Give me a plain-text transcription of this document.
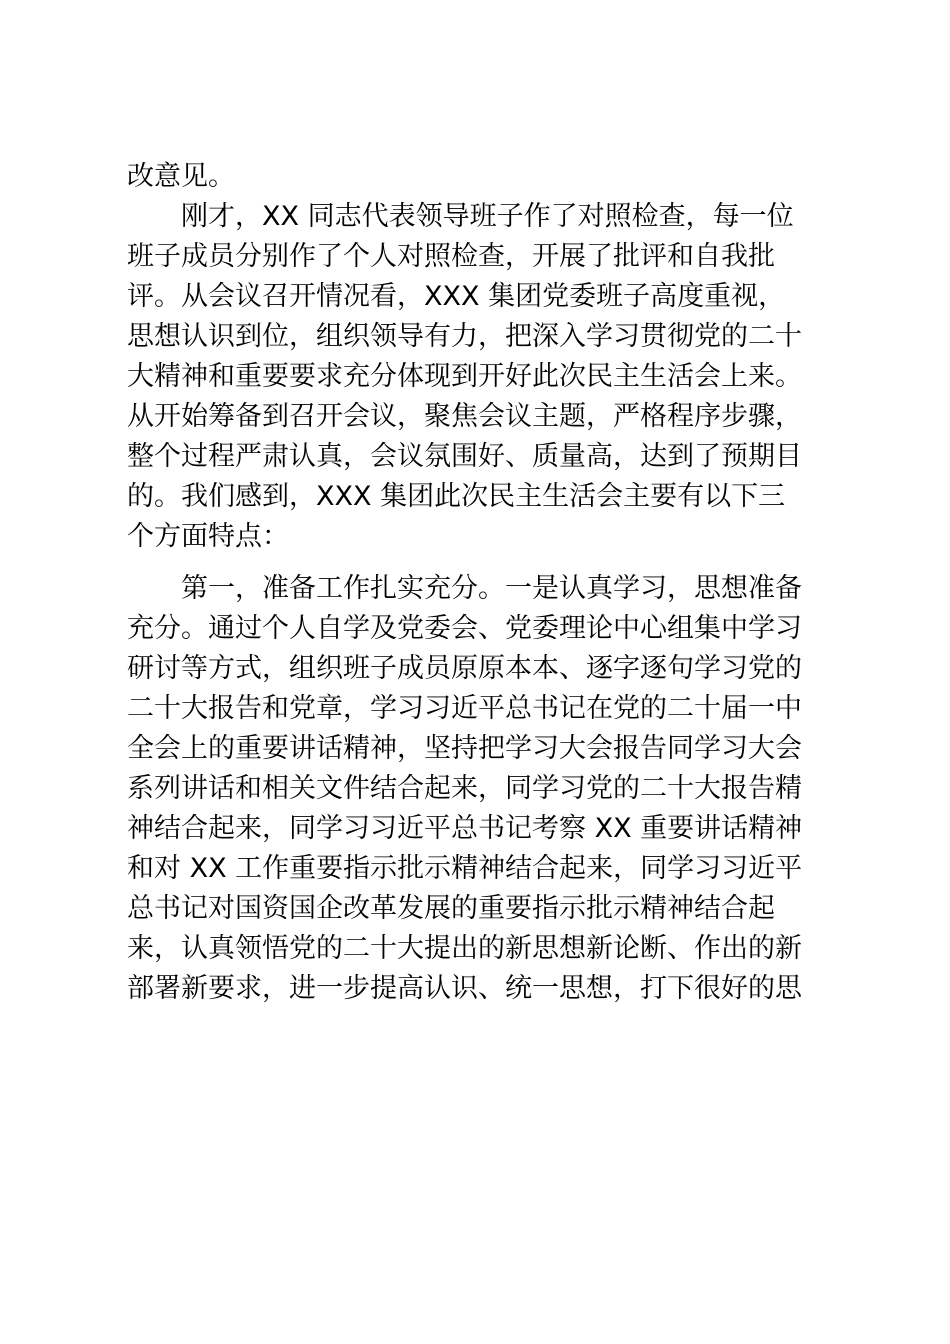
改意见。
　　刚才，XX 同志代表领导班子作了对照检查，每一位
班子成员分别作了个人对照检查，开展了批评和自我批
评。从会议召开情况看，XXX 集团党委班子高度重视，
思想认识到位，组织领导有力，把深入学习贯彻党的二十
大精神和重要要求充分体现到开好此次民主生活会上来。
从开始筹备到召开会议，聚焦会议主题，严格程序步骤，
整个过程严肃认真，会议氛围好、质量高，达到了预期目
的。我们感到，XXX 集团此次民主生活会主要有以下三
个方面特点：
　　第一，准备工作扎实充分。一是认真学习，思想准备
充分。通过个人自学及党委会、党委理论中心组集中学习
研讨等方式，组织班子成员原原本本、逐字逐句学习党的
二十大报告和党章，学习习近平总书记在党的二十届一中
全会上的重要讲话精神，坚持把学习大会报告同学习大会
系列讲话和相关文件结合起来，同学习党的二十大报告精
神结合起来，同学习习近平总书记考察 XX 重要讲话精神
和对 XX 工作重要指示批示精神结合起来，同学习习近平
总书记对国资国企改革发展的重要指示批示精神结合起
来，认真领悟党的二十大提出的新思想新论断、作出的新
部署新要求，进一步提高认识、统一思想，打下很好的思
